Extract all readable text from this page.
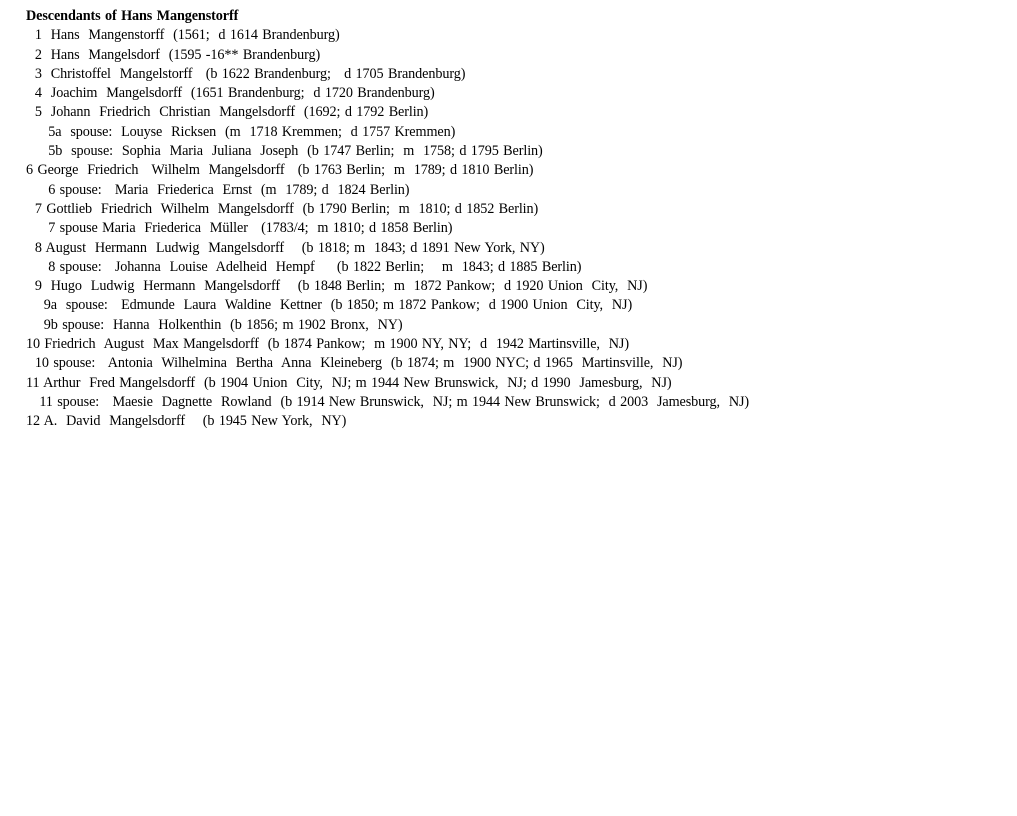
Descendants of Hans Mangenstorff
1  Hans  Mangenstorff  (1561;  d 1614 Brandenburg)
2  Hans  Mangelsdorf  (1595 -16** Brandenburg)
3  Christoffel  Mangelstorff   (b 1622 Brandenburg;   d 1705 Brandenburg)
4  Joachim  Mangelsdorff  (1651 Brandenburg;  d 1720 Brandenburg)
5  Johann  Friedrich  Christian  Mangelsdorff  (1692; d 1792 Berlin)
5a  spouse:  Louyse  Ricksen  (m  1718 Kremmen;  d 1757 Kremmen)
5b  spouse:  Sophia  Maria  Juliana  Joseph  (b 1747 Berlin;  m  1758; d 1795 Berlin)
6 George  Friedrich   Wilhelm  Mangelsdorff   (b 1763 Berlin;  m  1789; d 1810 Berlin)
6 spouse:   Maria  Friederica  Ernst  (m  1789; d  1824 Berlin)
7 Gottlieb  Friedrich  Wilhelm  Mangelsdorff  (b 1790 Berlin;  m  1810; d 1852 Berlin)
7 spouse Maria  Friederica  Müller   (1783/4;  m 1810; d 1858 Berlin)
8 August  Hermann  Ludwig  Mangelsdorff    (b 1818; m  1843; d 1891 New York, NY)
8 spouse:   Johanna  Louise  Adelheid  Hempf     (b 1822 Berlin;    m  1843; d 1885 Berlin)
9  Hugo  Ludwig  Hermann  Mangelsdorff    (b 1848 Berlin;  m  1872 Pankow;  d 1920 Union  City,  NJ)
9a  spouse:   Edmunde  Laura  Waldine  Kettner  (b 1850; m 1872 Pankow;  d 1900 Union  City,  NJ)
9b spouse:  Hanna  Holkenthin  (b 1856; m 1902 Bronx,  NY)
10 Friedrich  August  Max Mangelsdorff  (b 1874 Pankow;  m 1900 NY, NY;  d  1942 Martinsville,  NJ)
10 spouse:   Antonia  Wilhelmina  Bertha  Anna  Kleineberg  (b 1874; m  1900 NYC; d 1965  Martinsville,  NJ)
11 Arthur  Fred Mangelsdorff  (b 1904 Union  City,  NJ; m 1944 New Brunswick,  NJ; d 1990  Jamesburg,  NJ)
11 spouse:   Maesie  Dagnette  Rowland  (b 1914 New Brunswick,  NJ; m 1944 New Brunswick;  d 2003  Jamesburg,  NJ)
12 A.  David  Mangelsdorff    (b 1945 New York,  NY)
